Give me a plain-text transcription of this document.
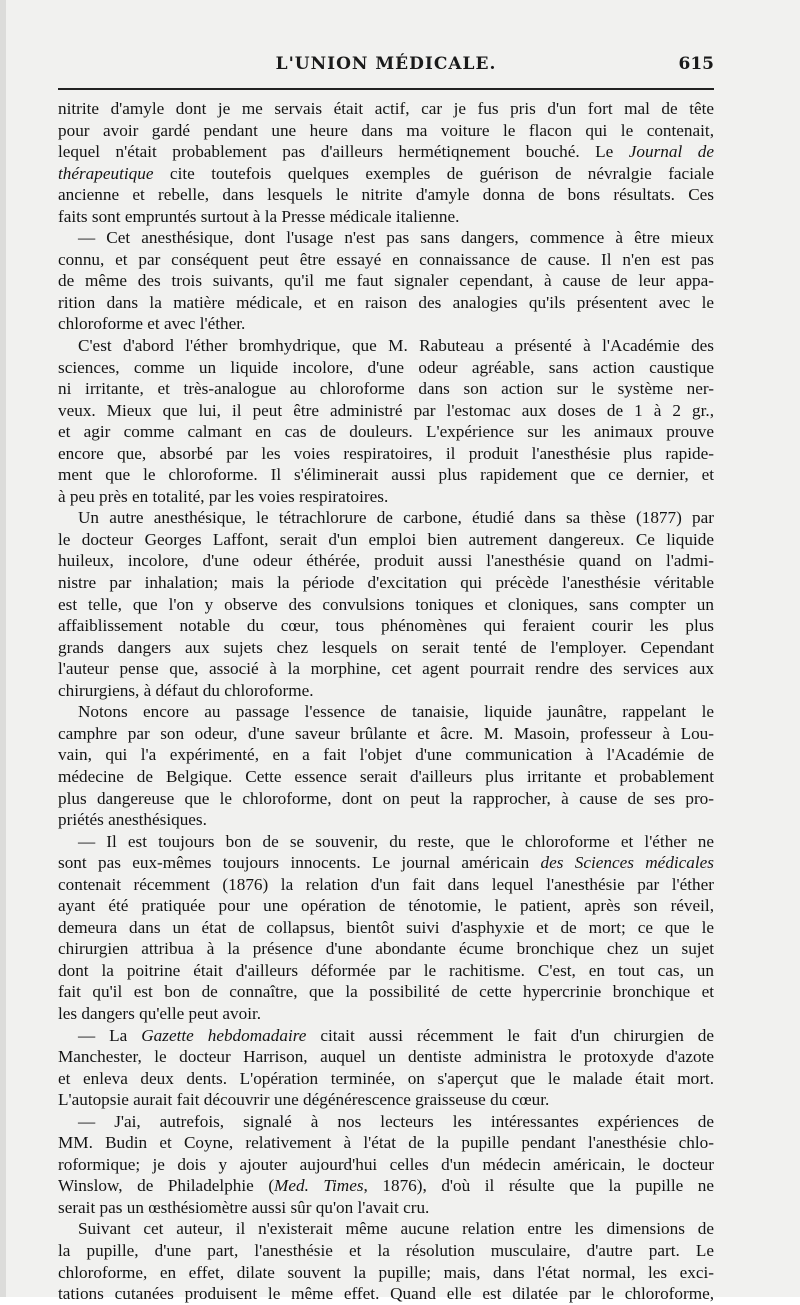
L'UNION MÉDICALE.	615
nitrite d'amyle dont je me servais était actif, car je fus pris d'un fort mal de tête
pour avoir gardé pendant une heure dans ma voiture le flacon qui le contenait,
lequel n'était probablement pas d'ailleurs hermétiqnement bouché. Le Journal de
thérapeutique cite toutefois quelques exemples de guérison de névralgie faciale
ancienne et rebelle, dans lesquels le nitrite d'amyle donna de bons résultats. Ces
faits sont empruntés surtout à la Presse médicale italienne.
— Cet anesthésique, dont l'usage n'est pas sans dangers, commence à être mieux
connu, et par conséquent peut être essayé en connaissance de cause. Il n'en est pas
de même des trois suivants, qu'il me faut signaler cependant, à cause de leur appa-
rition dans la matière médicale, et en raison des analogies qu'ils présentent avec le
chloroforme et avec l'éther.
C'est d'abord l'éther bromhydrique, que M. Rabuteau a présenté à l'Académie des
sciences, comme un liquide incolore, d'une odeur agréable, sans action caustique
ni irritante, et très-analogue au chloroforme dans son action sur le système ner-
veux. Mieux que lui, il peut être administré par l'estomac aux doses de 1 à 2 gr.,
et agir comme calmant en cas de douleurs. L'expérience sur les animaux prouve
encore que, absorbé par les voies respiratoires, il produit l'anesthésie plus rapide-
ment que le chloroforme. Il s'éliminerait aussi plus rapidement que ce dernier, et
à peu près en totalité, par les voies respiratoires.
Un autre anesthésique, le tétrachlorure de carbone, étudié dans sa thèse (1877) par
le docteur Georges Laffont, serait d'un emploi bien autrement dangereux. Ce liquide
huileux, incolore, d'une odeur éthérée, produit aussi l'anesthésie quand on l'admi-
nistre par inhalation; mais la période d'excitation qui précède l'anesthésie véritable
est telle, que l'on y observe des convulsions toniques et cloniques, sans compter un
affaiblissement notable du cœur, tous phénomènes qui feraient courir les plus
grands dangers aux sujets chez lesquels on serait tenté de l'employer. Cependant
l'auteur pense que, associé à la morphine, cet agent pourrait rendre des services aux
chirurgiens, à défaut du chloroforme.
Notons encore au passage l'essence de tanaisie, liquide jaunâtre, rappelant le
camphre par son odeur, d'une saveur brûlante et âcre. M. Masoin, professeur à Lou-
vain, qui l'a expérimenté, en a fait l'objet d'une communication à l'Académie de
médecine de Belgique. Cette essence serait d'ailleurs plus irritante et probablement
plus dangereuse que le chloroforme, dont on peut la rapprocher, à cause de ses pro-
priétés anesthésiques.
— Il est toujours bon de se souvenir, du reste, que le chloroforme et l'éther ne
sont pas eux-mêmes toujours innocents. Le journal américain des Sciences médicales
contenait récemment (1876) la relation d'un fait dans lequel l'anesthésie par l'éther
ayant été pratiquée pour une opération de ténotomie, le patient, après son réveil,
demeura dans un état de collapsus, bientôt suivi d'asphyxie et de mort; ce que le
chirurgien attribua à la présence d'une abondante écume bronchique chez un sujet
dont la poitrine était d'ailleurs déformée par le rachitisme. C'est, en tout cas, un
fait qu'il est bon de connaître, que la possibilité de cette hypercrinie bronchique et
les dangers qu'elle peut avoir.
— La Gazette hebdomadaire citait aussi récemment le fait d'un chirurgien de
Manchester, le docteur Harrison, auquel un dentiste administra le protoxyde d'azote
et enleva deux dents. L'opération terminée, on s'aperçut que le malade était mort.
L'autopsie aurait fait découvrir une dégénérescence graisseuse du cœur.
— J'ai, autrefois, signalé à nos lecteurs les intéressantes expériences de
MM. Budin et Coyne, relativement à l'état de la pupille pendant l'anesthésie chlo-
roformique; je dois y ajouter aujourd'hui celles d'un médecin américain, le docteur
Winslow, de Philadelphie (Med. Times, 1876), d'où il résulte que la pupille ne
serait pas un œsthésiomètre aussi sûr qu'on l'avait cru.
Suivant cet auteur, il n'existerait même aucune relation entre les dimensions de
la pupille, d'une part, l'anesthésie et la résolution musculaire, d'autre part. Le
chloroforme, en effet, dilate souvent la pupille; mais, dans l'état normal, les exci-
tations cutanées produisent le même effet. Quand elle est dilatée par le chloroforme,
